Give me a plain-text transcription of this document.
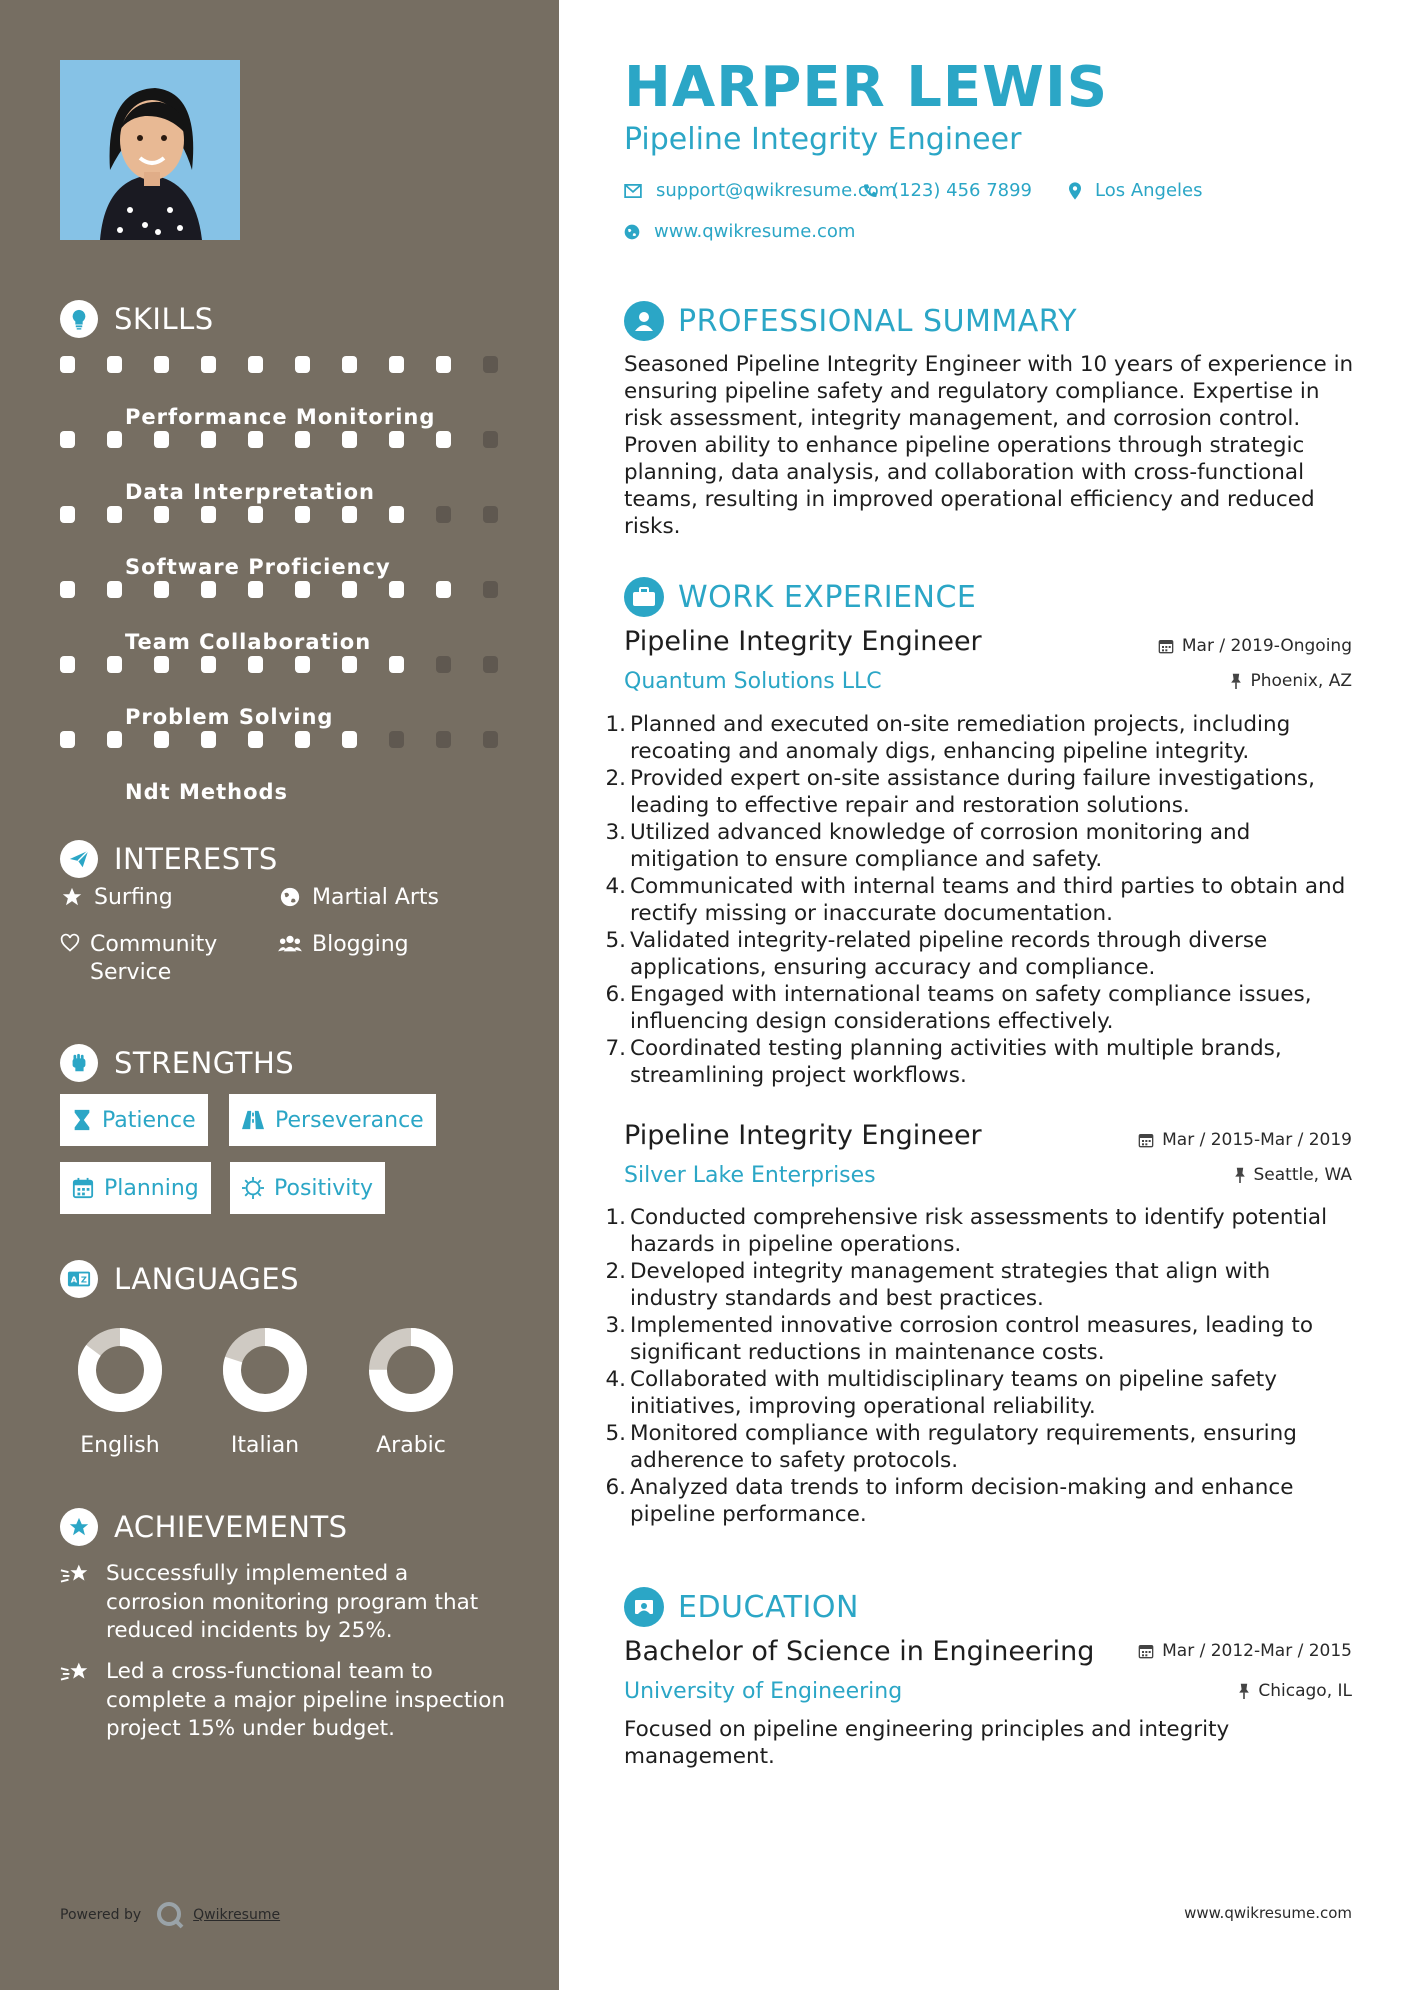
SKILLS
Performance Monitoring
Data Interpretation
Software Proficiency
Team Collaboration
Problem Solving
Ndt Methods
INTERESTS
Surfing	Martial Arts
Community Service
Blogging
STRENGTHS
Patience	Perseverance
Planning	Positivity
A Z LANGUAGES
English	Italian	Arabic
ACHIEVEMENTS
Successfully implemented a corrosion monitoring program that reduced incidents by 25%.
Led a cross-functional team to complete a major pipeline inspection project 15% under budget.
Powered by	Qwikresume
HARPER LEWIS
Pipeline Integrity Engineer
support@qwikresume.com
(123) 456 7899	Los Angeles
www.qwikresume.com
PROFESSIONAL SUMMARY
Seasoned Pipeline Integrity Engineer with 10 years of experience in ensuring pipeline safety and regulatory compliance. Expertise in risk assessment, integrity management, and corrosion control. Proven ability to enhance pipeline operations through strategic planning, data analysis, and collaboration with cross-functional teams, resulting in improved operational efficiency and reduced risks.
WORK EXPERIENCE
Pipeline Integrity Engineer	Mar / 2019-Ongoing
Quantum Solutions LLC	Phoenix, AZ
1. Planned and executed on-site remediation projects, including recoating and anomaly digs, enhancing pipeline integrity.
2. Provided expert on-site assistance during failure investigations, leading to effective repair and restoration solutions.
3. Utilized advanced knowledge of corrosion monitoring and mitigation to ensure compliance and safety.
4. Communicated with internal teams and third parties to obtain and rectify missing or inaccurate documentation.
5. Validated integrity-related pipeline records through diverse applications, ensuring accuracy and compliance.
6. Engaged with international teams on safety compliance issues, influencing design considerations effectively.
7. Coordinated testing planning activities with multiple brands, streamlining project workflows.
Pipeline Integrity Engineer	Mar / 2015-Mar / 2019
Silver Lake Enterprises	Seattle, WA
1. Conducted comprehensive risk assessments to identify potential hazards in pipeline operations.
2. Developed integrity management strategies that align with industry standards and best practices.
3. Implemented innovative corrosion control measures, leading to significant reductions in maintenance costs.
4. Collaborated with multidisciplinary teams on pipeline safety initiatives, improving operational reliability.
5. Monitored compliance with regulatory requirements, ensuring adherence to safety protocols.
6. Analyzed data trends to inform decision-making and enhance pipeline performance.
EDUCATION
Bachelor of Science in Engineering	Mar / 2012-Mar / 2015
University of Engineering	Chicago, IL
Focused on pipeline engineering principles and integrity management.
www.qwikresume.com
